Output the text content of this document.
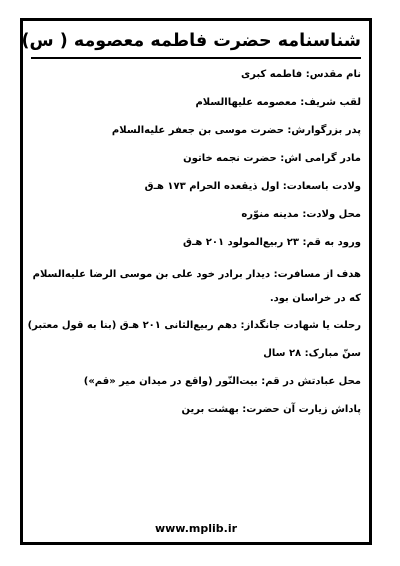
شناسنامه حضرت فاطمه معصومه ( س)
نام مقدس: فاطمه کبری
لقب شریف: معصومه علیهاالسلام
پدر بزرگوارش: حضرت موسی بن جعفر علیه‌السلام
مادر گرامی اش: حضرت نجمه خاتون
ولادت باسعادت: اول ذیقعده الحرام ۱۷۳ هـ‌ق
محل ولادت: مدینه منوّره
ورود به قم: ۲۳ ربیع‌المولود ۲۰۱ هـ‌ق
هدف از مسافرت: دیدار برادر خود علی بن موسی الرضا علیه‌السلام که در خراسان بود.
رحلت یا شهادت جانگداز: دهم ربیع‌الثانی ۲۰۱ هـ‌ق (بنا به قول معتبر)
سنّ مبارک: ۲۸ سال
محل عبادتش در قم: بیت‌النّور (واقع در میدان میر «قم»)
پاداش زیارت آن حضرت: بهشت برین
www.mplib.ir
